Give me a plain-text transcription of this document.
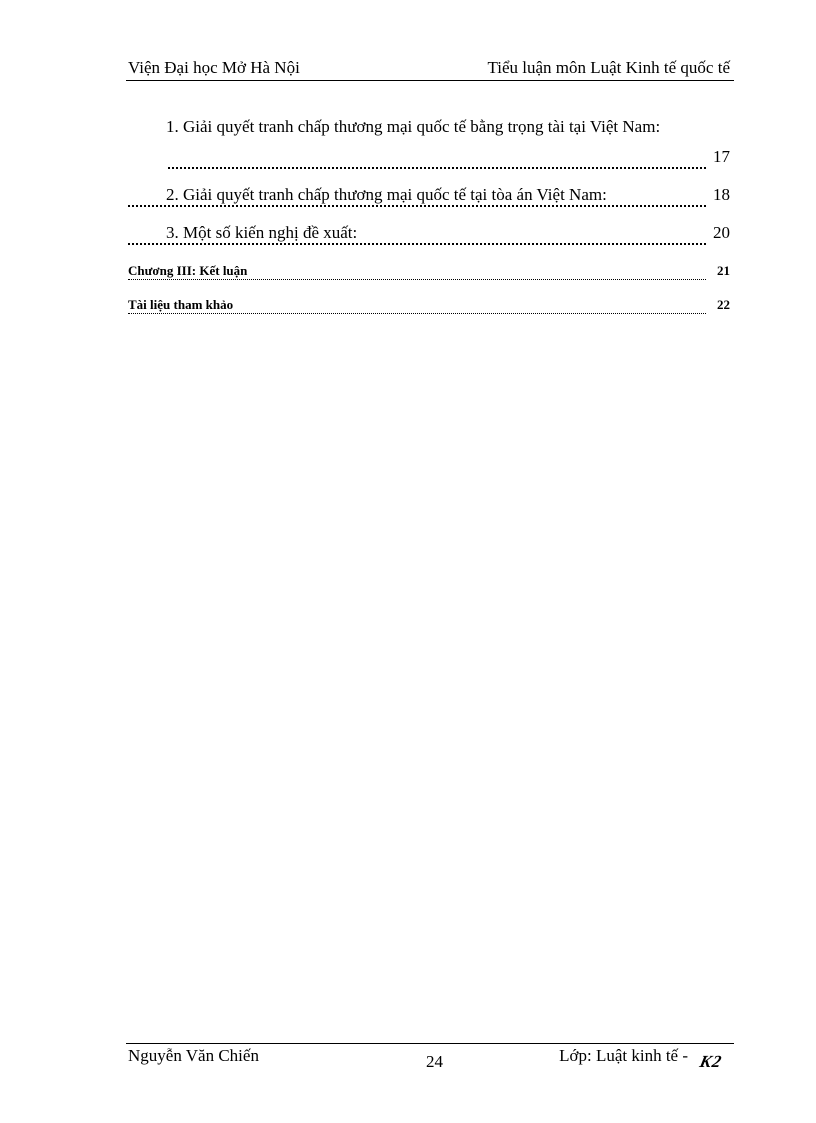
Viện Đại học Mở Hà Nội	Tiểu luận môn Luật Kinh tế quốc tế
1. Giải quyết tranh chấp thương mại quốc tế bằng trọng tài tại Việt Nam:
17
2. Giải quyết tranh chấp thương mại quốc tế tại tòa án Việt Nam:	18
3. Một số kiến nghị đề xuất:	20
Chương III: Kết luận	21
Tài liệu tham khảo	22
Nguyễn Văn Chiến	24	Lớp: Luật kinh tế - K2
